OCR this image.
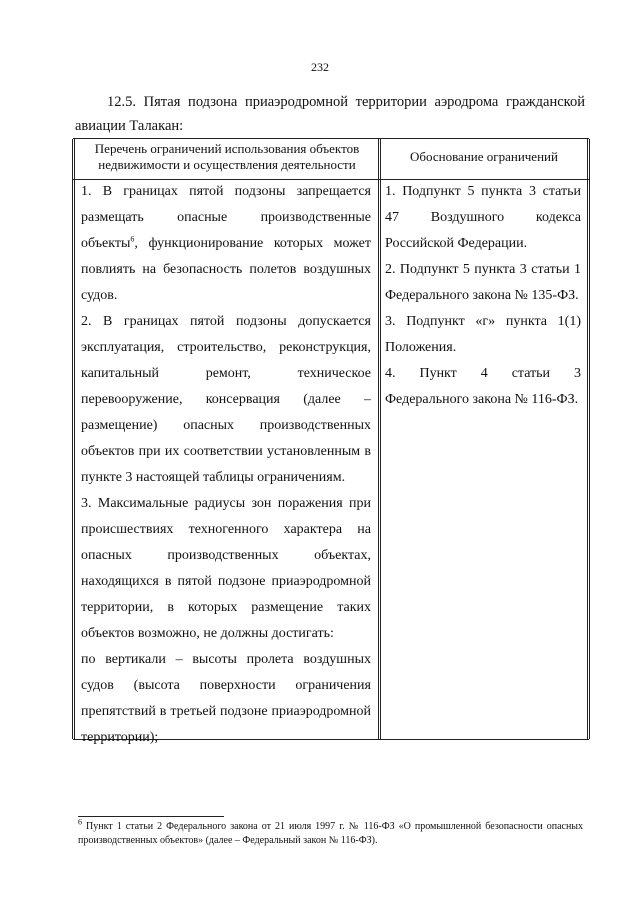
232
12.5. Пятая подзона приаэродромной территории аэродрома гражданской
авиации Талакан:
Перечень ограничений использования объектов недвижимости и осуществления деятельности
Обоснование ограничений

1. В границах пятой подзоны запрещается размещать опасные производственные объекты$^6$, функционирование которых может повлиять на безопасность полетов воздушных судов.

2. В границах пятой подзоны допускается эксплуатация, строительство, реконструкция, капитальный ремонт, техническое перевооружение, консервация (далее – размещение) опасных производственных объектов при их соответствии установленным в пункте 3 настоящей таблицы ограничениям.

3. Максимальные радиусы зон поражения при происшествиях техногенного характера на опасных производственных объектах, находящихся в пятой подзоне приаэродромной территории, в которых размещение таких объектов возможно, не должны достигать:

по вертикали – высоты пролета воздушных судов (высота поверхности ограничения препятствий в третьей подзоне приаэродромной территории);

1. Подпункт 5 пункта 3 статьи 47 Воздушного кодекса Российской Федерации.

2. Подпункт 5 пункта 3 статьи 1 Федерального закона № 135-ФЗ.

3. Подпункт «г» пункта 1(1) Положения.

4. Пункт 4 статьи 3 Федерального закона № 116-ФЗ.

$^6$ Пункт 1 статьи 2 Федерального закона от 21 июля 1997 г. № 116-ФЗ «О промышленной безопасности опасных производственных объектов» (далее – Федеральный закон № 116-ФЗ).
